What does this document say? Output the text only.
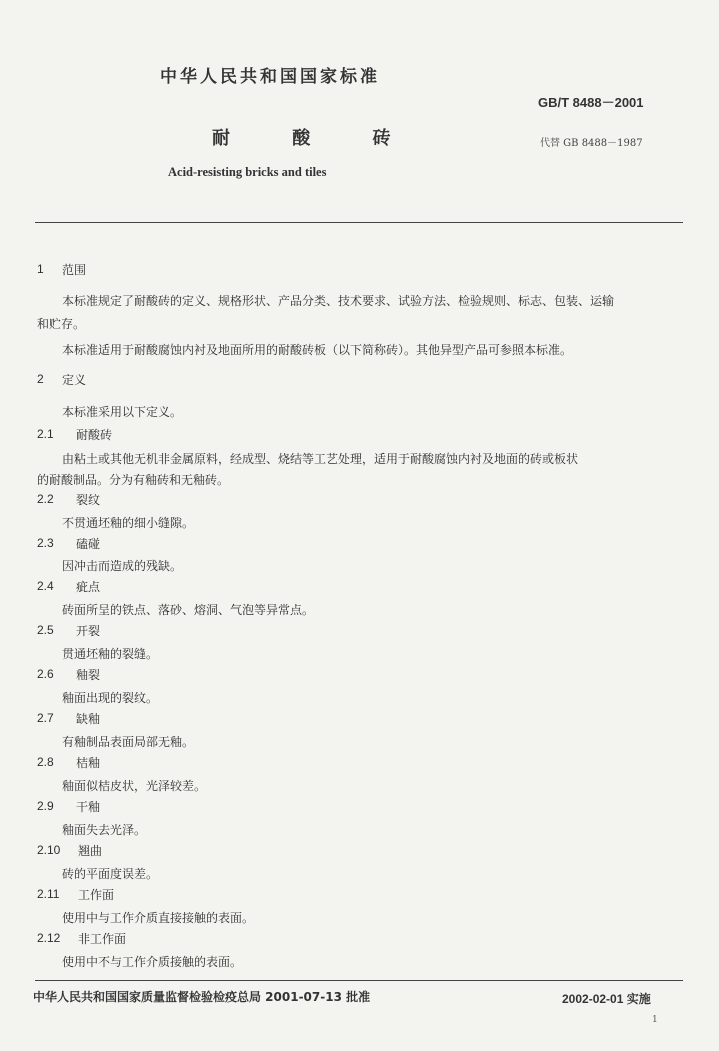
中华人民共和国国家标准
GB/T 8488－2001
耐 酸 砖	代替 GB 8488－1987
Acid-resisting bricks and tiles
1 范围
本标准规定了耐酸砖的定义、规格形状、产品分类、技术要求、试验方法、检验规则、标志、包装、运输
和贮存。
本标准适用于耐酸腐蚀内衬及地面所用的耐酸砖板（以下简称砖）。其他异型产品可参照本标准。
2 定义
本标准采用以下定义。
2.1 耐酸砖
由粘土或其他无机非金属原料，经成型、烧结等工艺处理，适用于耐酸腐蚀内衬及地面的砖或板状
的耐酸制品。分为有釉砖和无釉砖。
2.2 裂纹
不贯通坯釉的细小缝隙。
2.3 磕碰
因冲击而造成的残缺。
2.4 疵点
砖面所呈的铁点、落砂、熔洞、气泡等异常点。
2.5 开裂
贯通坯釉的裂缝。
2.6 釉裂
釉面出现的裂纹。
2.7 缺釉
有釉制品表面局部无釉。
2.8 桔釉
釉面似桔皮状，光泽较差。
2.9 干釉
釉面失去光泽。
2.10 翘曲
砖的平面度误差。
2.11 工作面
使用中与工作介质直接接触的表面。
2.12 非工作面
使用中不与工作介质接触的表面。
中华人民共和国国家质量监督检验检疫总局 2001-07-13 批准	2002-02-01 实施
1
